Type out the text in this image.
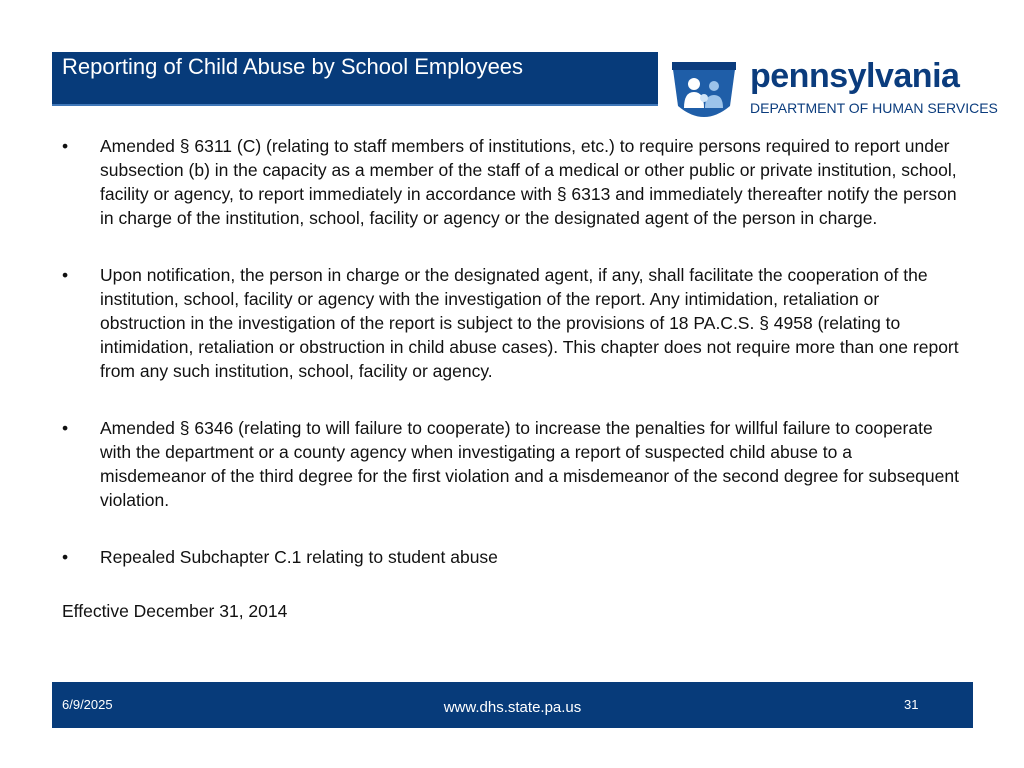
Reporting of Child Abuse by School Employees	pennsylvania
DEPARTMENT OF HUMAN SERVICES
• Amended § 6311 (C) (relating to staff members of institutions, etc.) to require persons required to report under subsection (b) in the capacity as a member of the staff of a medical or other public or private institution, school, facility or agency, to report immediately in accordance with § 6313 and immediately thereafter notify the person in charge of the institution, school, facility or agency or the designated agent of the person in charge.
• Upon notification, the person in charge or the designated agent, if any, shall facilitate the cooperation of the institution, school, facility or agency with the investigation of the report. Any intimidation, retaliation or obstruction in the investigation of the report is subject to the provisions of 18 PA.C.S. § 4958 (relating to intimidation, retaliation or obstruction in child abuse cases). This chapter does not require more than one report from any such institution, school, facility or agency.
• Amended § 6346 (relating to will failure to cooperate) to increase the penalties for willful failure to cooperate with the department or a county agency when investigating a report of suspected child abuse to a misdemeanor of the third degree for the first violation and a misdemeanor of the second degree for subsequent violation.
• Repealed Subchapter C.1 relating to student abuse
Effective December 31, 2014
6/9/2025	www.dhs.state.pa.us	31
